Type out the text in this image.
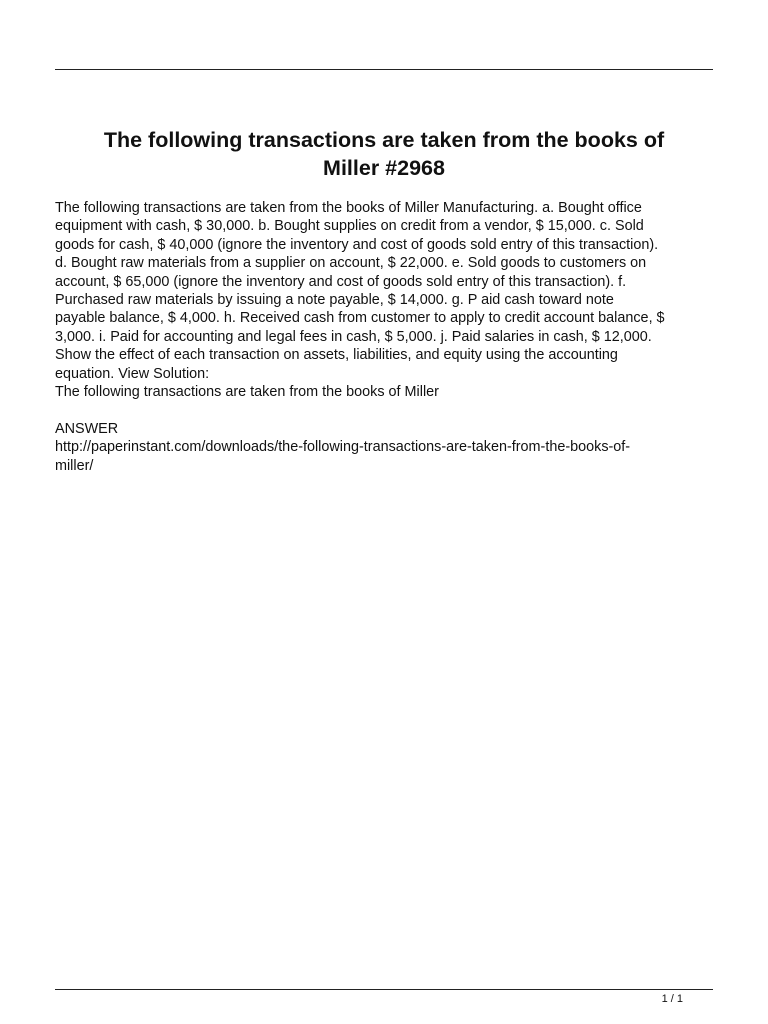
The following transactions are taken from the books of
Miller #2968
The following transactions are taken from the books of Miller Manufacturing. a. Bought office
equipment with cash, $ 30,000. b. Bought supplies on credit from a vendor, $ 15,000. c. Sold
goods for cash, $ 40,000 (ignore the inventory and cost of goods sold entry of this transaction).
d. Bought raw materials from a supplier on account, $ 22,000. e. Sold goods to customers on
account, $ 65,000 (ignore the inventory and cost of goods sold entry of this transaction). f.
Purchased raw materials by issuing a note payable, $ 14,000. g. P aid cash toward note
payable balance, $ 4,000. h. Received cash from customer to apply to credit account balance, $
3,000. i. Paid for accounting and legal fees in cash, $ 5,000. j. Paid salaries in cash, $ 12,000.
Show the effect of each transaction on assets, liabilities, and equity using the accounting
equation. View Solution:
The following transactions are taken from the books of Miller
ANSWER
http://paperinstant.com/downloads/the-following-transactions-are-taken-from-the-books-of-
miller/
1 / 1
